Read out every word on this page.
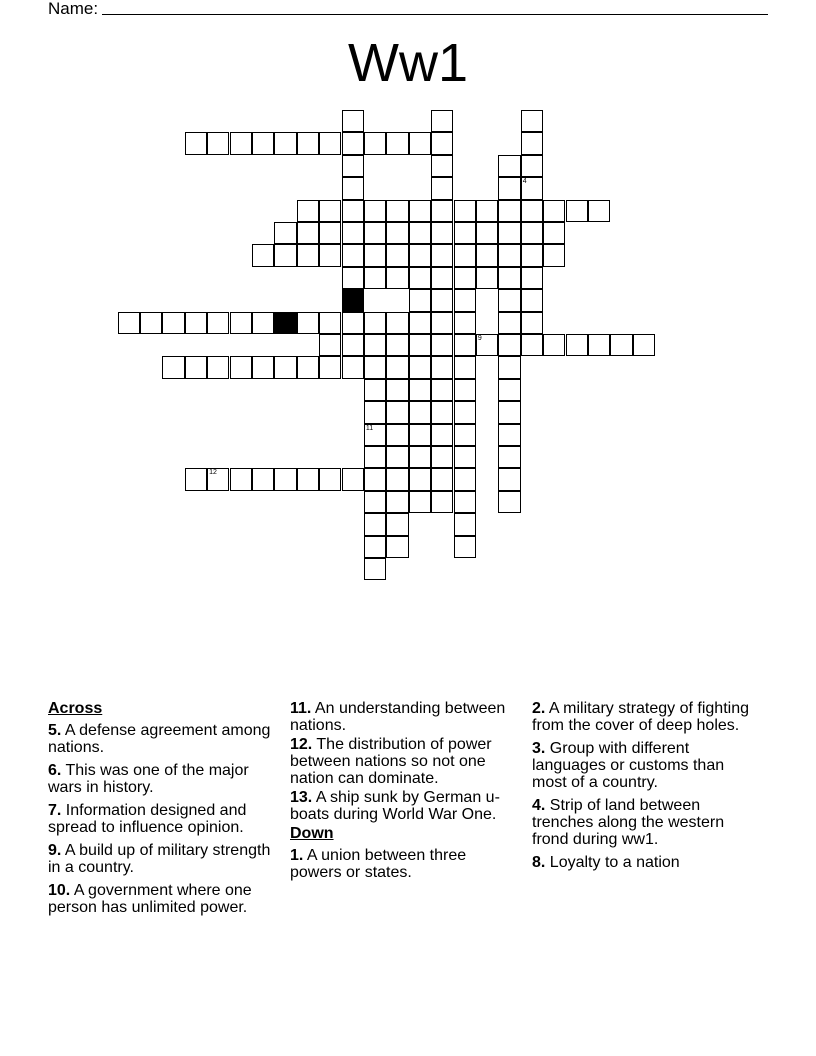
Name:
Ww1
12
9
11
4
Across
5. A defense agreement among nations.
6. This was one of the major wars in history.
7. Information designed and spread to influence opinion.
9. A build up of military strength in a country.
10. A government where one person has unlimited power.
11. An understanding between nations.
12. The distribution of power between nations so not one nation can dominate.
13. A ship sunk by German u-boats during World War One.
Down
1. A union between three powers or states.
2. A military strategy of fighting from the cover of deep holes.
3. Group with different languages or customs than most of a country.
4. Strip of land between trenches along the western frond during ww1.
8. Loyalty to a nation
